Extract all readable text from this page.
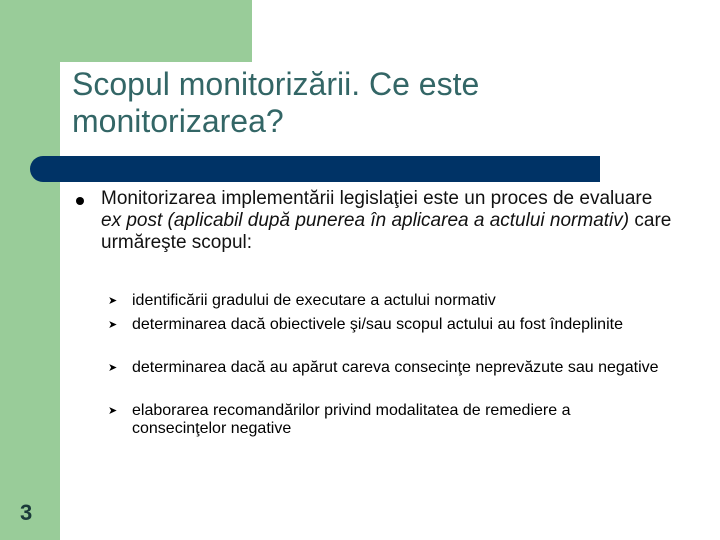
Scopul monitorizării. Ce este monitorizarea?

Monitorizarea implementării legislaţiei este un proces de evaluare ex post (aplicabil după punerea în aplicarea a actului normativ) care urmăreşte scopul:

➤ identificării gradului de executare a actului normativ

➤ determinarea dacă obiectivele şi/sau scopul actului au fost îndeplinite

➤ determinarea dacă au apărut careva consecinţe neprevăzute sau negative

➤ elaborarea recomandărilor privind modalitatea de remediere a consecinţelor negative

3
